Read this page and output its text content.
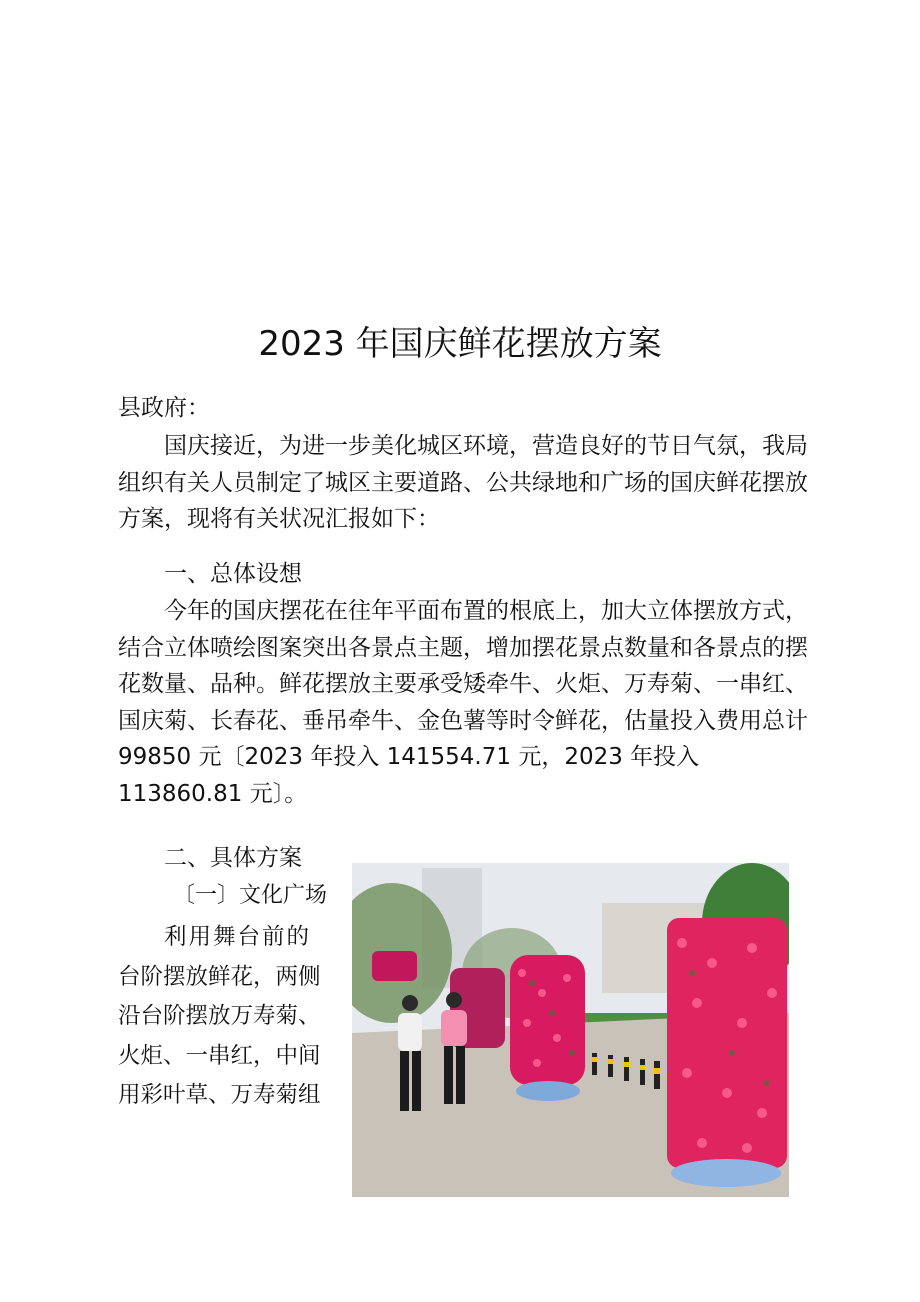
2023 年国庆鲜花摆放方案

县政府：

国庆接近，为进一步美化城区环境，营造良好的节日气氛，我局组织有关人员制定了城区主要道路、公共绿地和广场的国庆鲜花摆放方案，现将有关状况汇报如下：

一、总体设想

今年的国庆摆花在往年平面布置的根底上，加大立体摆放方式，结合立体喷绘图案突出各景点主题，增加摆花景点数量和各景点的摆花数量、品种。鲜花摆放主要承受矮牵牛、火炬、万寿菊、一串红、国庆菊、长春花、垂吊牵牛、金色薯等时令鲜花，估量投入费用总计 99850 元〔2023 年投入 141554.71 元，2023 年投入 113860.81 元〕。

二、具体方案

〔一〕文化广场

利用舞台前的
台阶摆放鲜花，两侧
沿台阶摆放万寿菊、
火炬、一串红，中间
用彩叶草、万寿菊组
